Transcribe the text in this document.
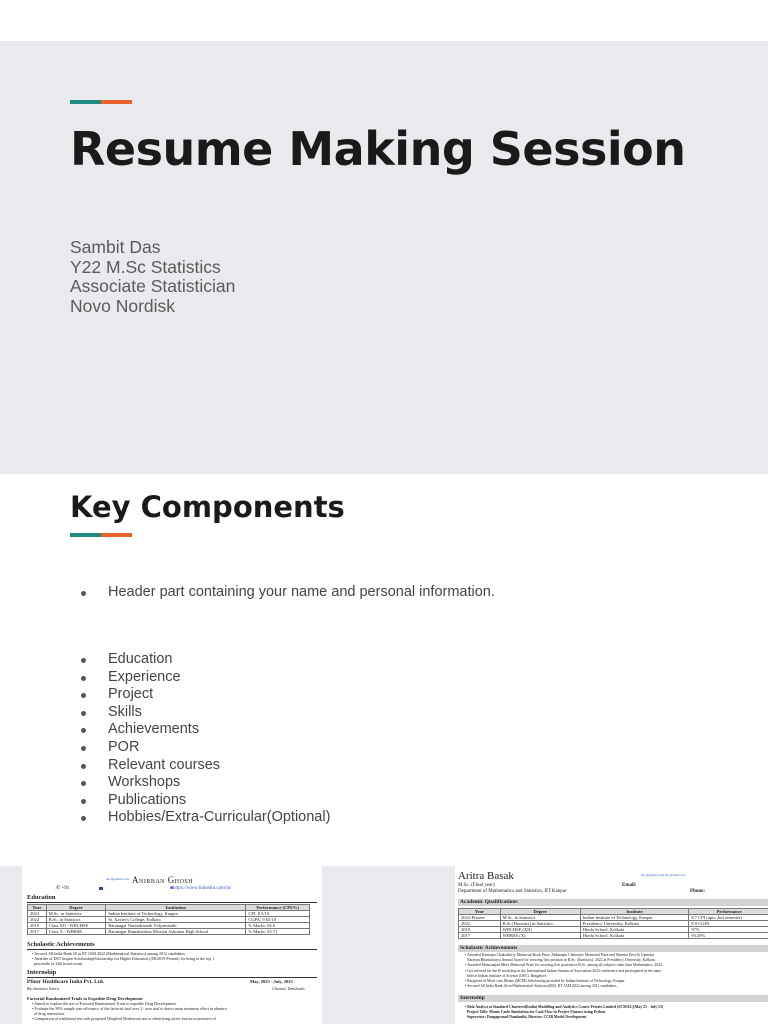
Resume Making Session
Sambit Das
Y22 M.Sc Statistics
Associate Statistician
Novo Nordisk
Key Components
Header part containing your name and personal information.
Education
Experience
Project
Skills
Achievements
POR
Relevant courses
Workshops
Publications
Hobbies/Extra-Curricular(Optional)
abc@gmail.com Anirban Ghosh
✆ +91	■https://www.linkedin.com/in/
Education
Year	Degree	Institution	Performance (CPI/%)
2024	M.Sc. in Statistics	Indian Institute of Technology, Kanpur	CPI: 8.5/10
2022	B.Sc. in Statistics	St. Xavier's College, Kolkata	CGPA: 9.65/10
2019	Class XII - WBCHSE	Baranagar Narendranath Vidyamandir	% Marks: 94.6
2017	Class X - WBBSE	Baranagar Ramakrishna Mission Ashrama High School	% Marks: 93.71
Scholastic Achievements
• Secured All India Rank 20 in IIT JAM 2022 (Mathematical Statistics) among 2012 candidates.
• Awardee of DST Inspire Scholarship(Scholarship for Higher Education) (08/2019-Present) for being in the top 1
percentile of 12th board exam.
Internship
Pfizer Healthcare India Pvt. Ltd.	May, 2023 - July, 2023
Bio Statistics Intern	Chennai, Tamilnadu
Factorial Randomized Trials to Expedite Drug Development
• Aimed to explore the use of Factorial Randomized Trials to expedite Drug Development.
• Evaluate the 50% sample size efficiency of the factorial trial over 2 - arm trial to detect main treatment effect in absence
of drug interaction.
• Comparison of traditional test with proposed Weighted Bonferroni test to identifying active factors in presence of
Aritra Basak	abc@gmail.com abc@iitk.ac.in
M.Sc. (Final year)	Email:
Department of Mathematics and Statistics, IIT Kanpur	Phone:
Academic Qualifications
Year	Degree	Institute	Performance
2022-Present	M.Sc. in Statistics	Indian Institute of Technology, Kanpur	8.7 CPI (upto 2nd semester)
2022	B.Sc.(Honours) in Statistics	Presidency University, Kolkata	8.9 CGPA
2019	WBCHSE (XII)	Hindu School, Kolkata	97%
2017	WBBSE (X)	Hindu School, Kolkata	93.29%
Scholastic Achievements
• Awarded Kanisana Chakraborty Memorial Book Prize, Abhimanu Chatterjee Memorial Prize and Sheema Devi & Upendra
Narayan Bhattacharya Annual Award for securing first position in B.Sc. (Statistics), 2022 at Presidency University, Kolkata.
• Awarded Manoranjan Mitra Memorial Prize for securing first position in B.Sc. among all subjects other than Mathematics, 2022.
• Got selected for the R workshop at the International Indian Statistical Association 2023 conference and participated in the same
held at Indian Institute of Science (IISC), Bangalore.
• Recipient of Merit cum Means (MCM) Scholarship provided by Indian Institute of Technology, Kanpur.
• Secured All India Rank 44 in Mathematical Statistics(MS), IIT JAM 2022 among 2011 candidates.
Internship
• Risk Analyst at Standard Chartered(India) Modelling and Analytics Centre Private Limited (SCMAC)(May'23 - July'23)
Project Title: Monte Carlo Simulation for Cash Flow in Project Finance using Python
Supervisor: Durgaprasad Nandaniki, Director, CCIB Model Development
